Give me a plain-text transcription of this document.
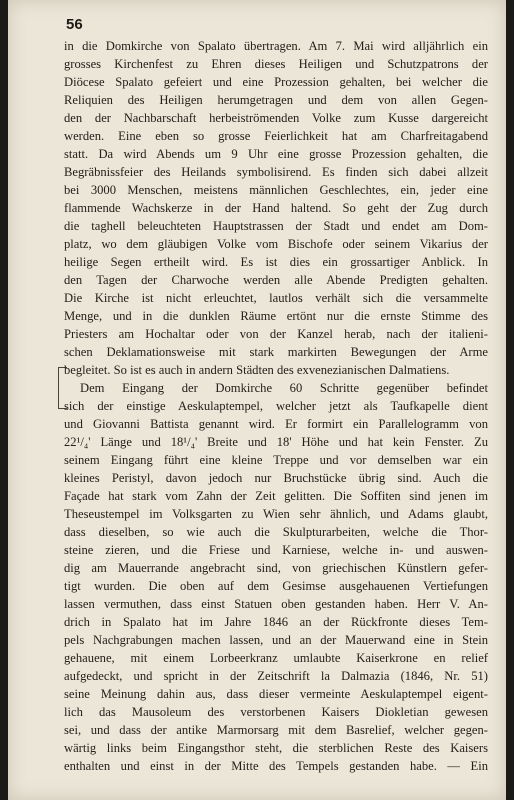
56
in die Domkirche von Spalato übertragen. Am 7. Mai wird alljährlich ein
grosses Kirchenfest zu Ehren dieses Heiligen und Schutzpatrons der
Diöcese Spalato gefeiert und eine Prozession gehalten, bei welcher die
Reliquien des Heiligen herumgetragen und dem von allen Gegen-
den der Nachbarschaft herbeiströmenden Volke zum Kusse dargereicht
werden. Eine eben so grosse Feierlichkeit hat am Charfreitagabend
statt. Da wird Abends um 9 Uhr eine grosse Prozession gehalten, die
Begräbnissfeier des Heilands symbolisirend. Es finden sich dabei allzeit
bei 3000 Menschen, meistens männlichen Geschlechtes, ein, jeder eine
flammende Wachskerze in der Hand haltend. So geht der Zug durch
die taghell beleuchteten Hauptstrassen der Stadt und endet am Dom-
platz, wo dem gläubigen Volke vom Bischofe oder seinem Vikarius der
heilige Segen ertheilt wird. Es ist dies ein grossartiger Anblick. In
den Tagen der Charwoche werden alle Abende Predigten gehalten.
Die Kirche ist nicht erleuchtet, lautlos verhält sich die versammelte
Menge, und in die dunklen Räume ertönt nur die ernste Stimme des
Priesters am Hochaltar oder von der Kanzel herab, nach der italieni-
schen Deklamationsweise mit stark markirten Bewegungen der Arme
begleitet. So ist es auch in andern Städten des exvenezianischen Dalmatiens.
Dem Eingang der Domkirche 60 Schritte gegenüber befindet
sich der einstige Aeskulaptempel, welcher jetzt als Taufkapelle dient
und Giovanni Battista genannt wird. Er formirt ein Parallelogramm von
22¹/₄' Länge und 18¹/₄' Breite und 18' Höhe und hat kein Fenster. Zu
seinem Eingang führt eine kleine Treppe und vor demselben war ein
kleines Peristyl, davon jedoch nur Bruchstücke übrig sind. Auch die
Façade hat stark vom Zahn der Zeit gelitten. Die Soffiten sind jenen im
Theseustempel im Volksgarten zu Wien sehr ähnlich, und Adams glaubt,
dass dieselben, so wie auch die Skulpturarbeiten, welche die Thor-
steine zieren, und die Friese und Karniese, welche in- und auswen-
dig am Mauerrande angebracht sind, von griechischen Künstlern gefer-
tigt wurden. Die oben auf dem Gesimse ausgehauenen Vertiefungen
lassen vermuthen, dass einst Statuen oben gestanden haben. Herr V. An-
drich in Spalato hat im Jahre 1846 an der Rückfronte dieses Tem-
pels Nachgrabungen machen lassen, und an der Mauerwand eine in Stein
gehauene, mit einem Lorbeerkranz umlaubte Kaiserkrone en relief
aufgedeckt, und spricht in der Zeitschrift la Dalmazia (1846, Nr. 51)
seine Meinung dahin aus, dass dieser vermeinte Aeskulaptempel eigent-
lich das Mausoleum des verstorbenen Kaisers Diokletian gewesen
sei, und dass der antike Marmorsarg mit dem Basrelief, welcher gegen-
wärtig links beim Eingangsthor steht, die sterblichen Reste des Kaisers
enthalten und einst in der Mitte des Tempels gestanden habe. — Ein
